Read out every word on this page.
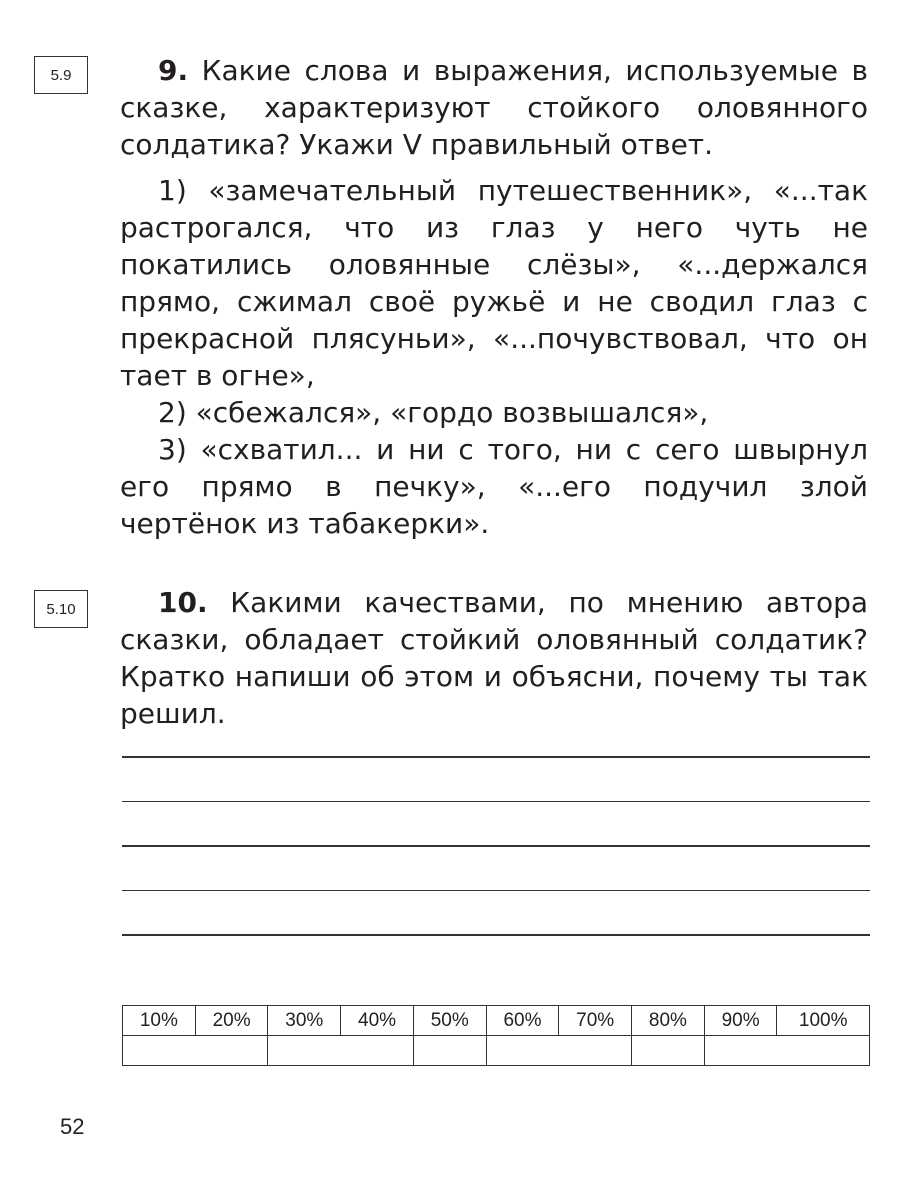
5.9	9. Какие слова и выражения, используемые в сказке, характеризуют стойкого оловянного солдатика? Укажи V правильный ответ.

1) «замечательный путешественник», «...так растрогался, что из глаз у него чуть не покатились оловянные слёзы», «...держался прямо, сжимал своё ружьё и не сводил глаз с прекрасной плясуньи», «...почувствовал, что он тает в огне»,

2) «сбежался», «гордо возвышался»,

3) «схватил... и ни с того, ни с сего швырнул его прямо в печку», «...его подучил злой чертёнок из табакерки».

5.10	10. Какими качествами, по мнению автора сказки, обладает стойкий оловянный солдатик? Кратко напиши об этом и объясни, почему ты так решил.

10%	20%	30%	40%	50%	60%	70%	80%	90%	100%

52
